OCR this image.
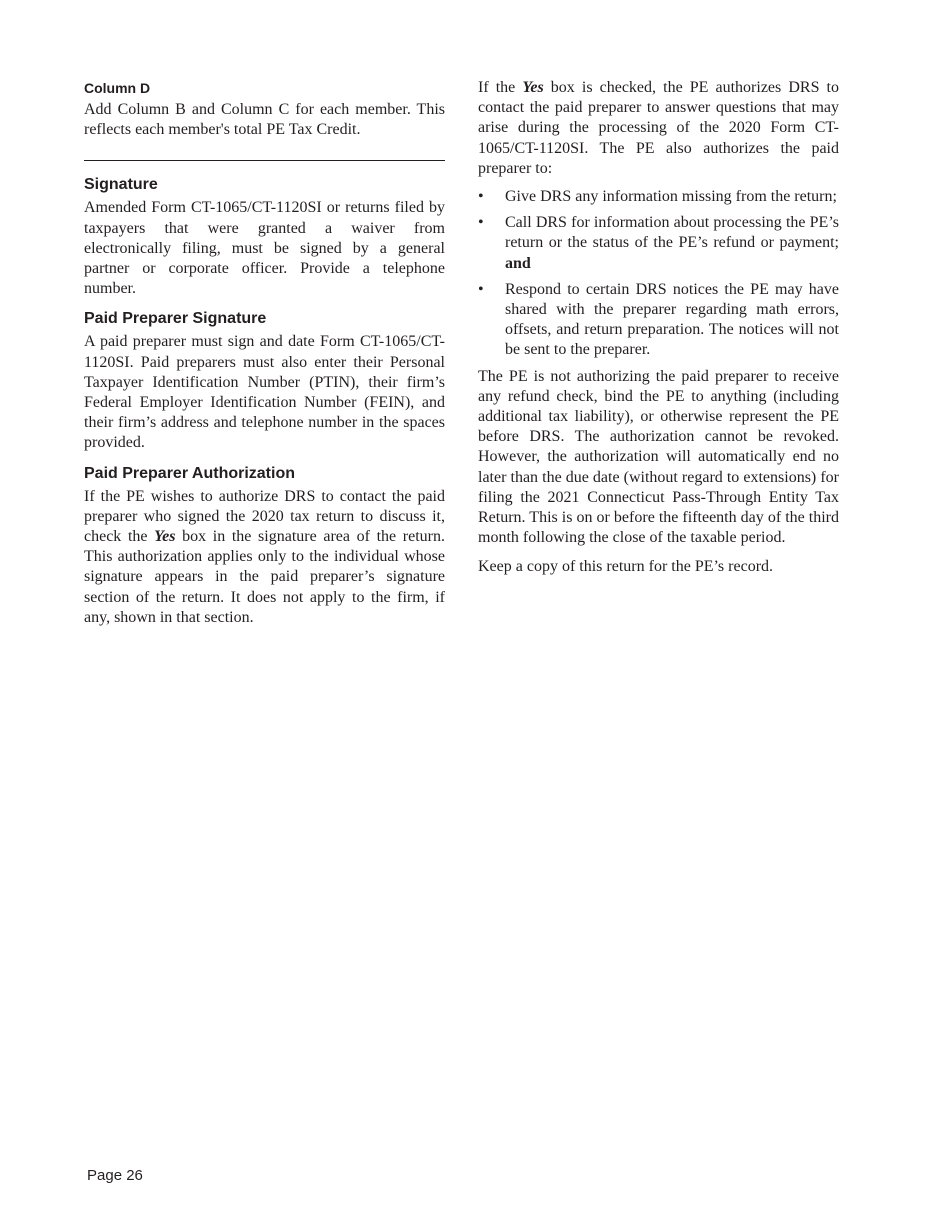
Column D

Add Column B and Column C for each member. This reflects each member's total PE Tax Credit.

Signature

Amended Form CT-1065/CT-1120SI or returns filed by taxpayers that were granted a waiver from electronically filing, must be signed by a general partner or corporate officer. Provide a telephone number.

Paid Preparer Signature

A paid preparer must sign and date Form CT-1065/CT-1120SI. Paid preparers must also enter their Personal Taxpayer Identification Number (PTIN), their firm’s Federal Employer Identification Number (FEIN), and their firm’s address and telephone number in the spaces provided.

Paid Preparer Authorization

If the PE wishes to authorize DRS to contact the paid preparer who signed the 2020 tax return to discuss it, check the Yes box in the signature area of the return. This authorization applies only to the individual whose signature appears in the paid preparer’s signature section of the return. It does not apply to the firm, if any, shown in that section.

If the Yes box is checked, the PE authorizes DRS to contact the paid preparer to answer questions that may arise during the processing of the 2020 Form CT-1065/CT-1120SI. The PE also authorizes the paid preparer to:

• Give DRS any information missing from the return;
• Call DRS for information about processing the PE’s return or the status of the PE’s refund or payment; and
• Respond to certain DRS notices the PE may have shared with the preparer regarding math errors, offsets, and return preparation. The notices will not be sent to the preparer.

The PE is not authorizing the paid preparer to receive any refund check, bind the PE to anything (including additional tax liability), or otherwise represent the PE before DRS. The authorization cannot be revoked. However, the authorization will automatically end no later than the due date (without regard to extensions) for filing the 2021 Connecticut Pass-Through Entity Tax Return. This is on or before the fifteenth day of the third month following the close of the taxable period.

Keep a copy of this return for the PE’s record.

Page 26
